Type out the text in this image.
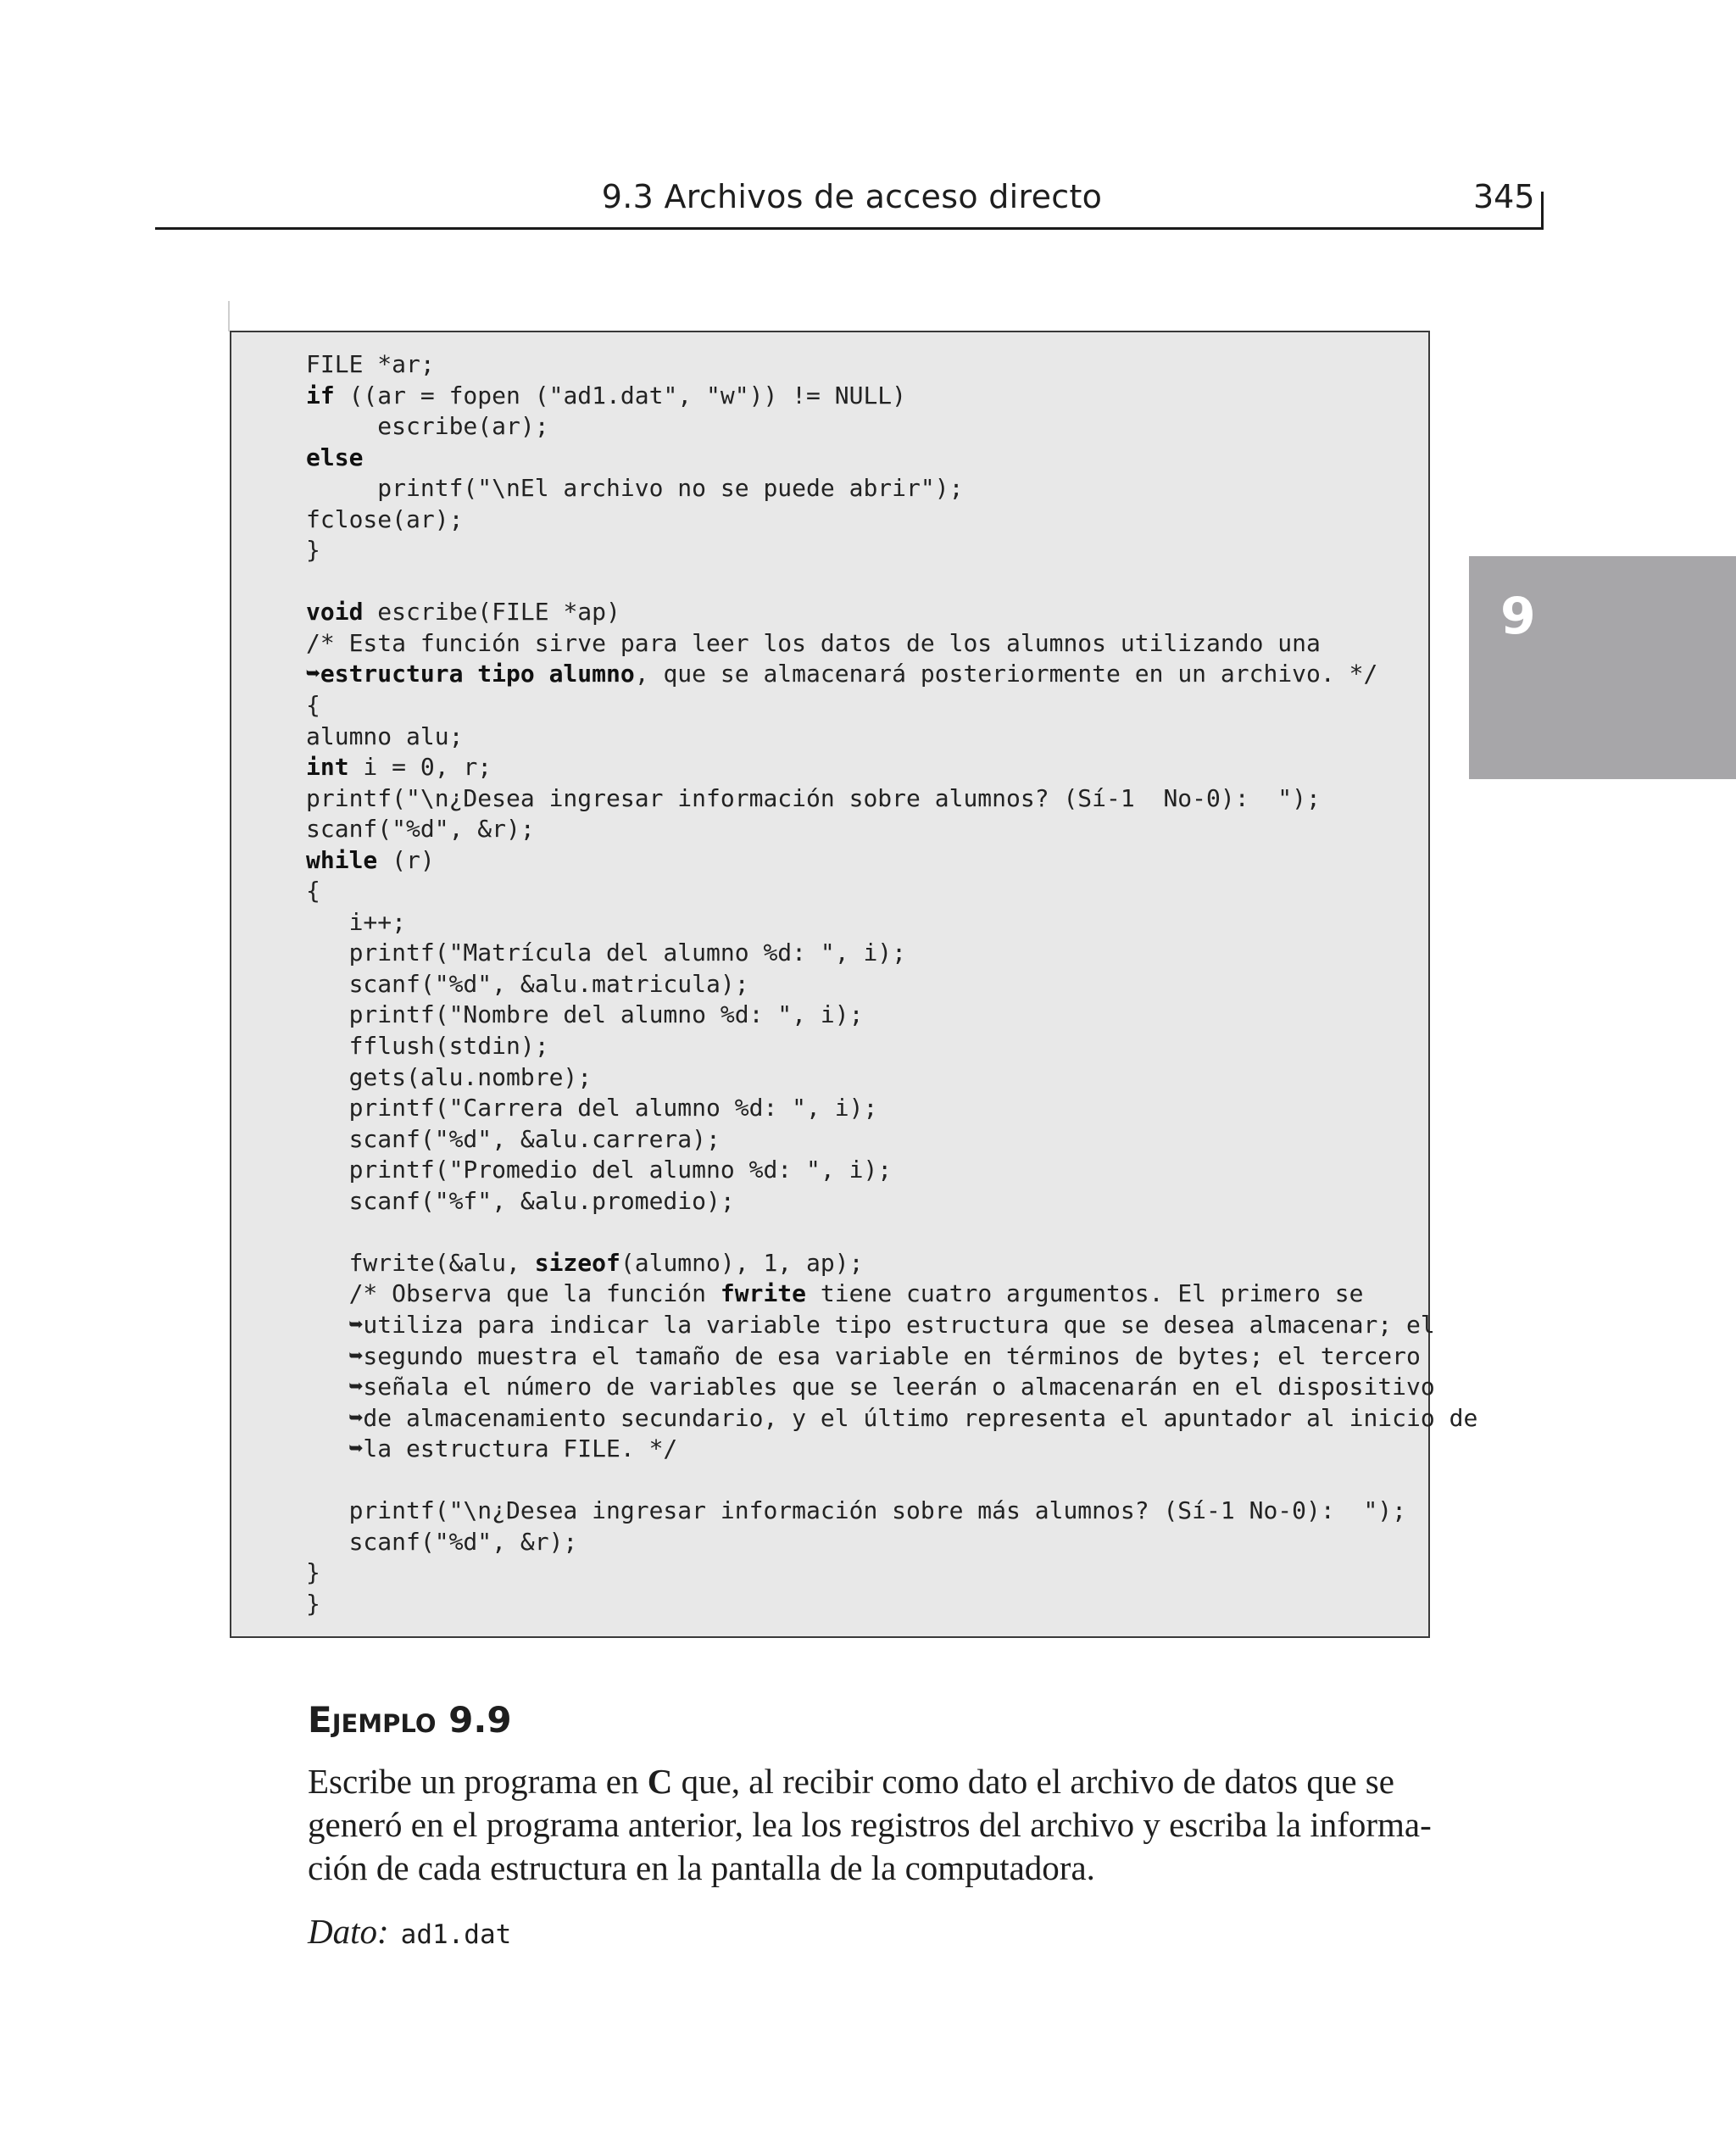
9.3 Archivos de acceso directo	345
9
FILE *ar;
if ((ar = fopen ("ad1.dat", "w")) != NULL)
escribe(ar);
else
printf("\nEl archivo no se puede abrir");
fclose(ar);
}
void escribe(FILE *ap)
/* Esta función sirve para leer los datos de los alumnos utilizando una
➥estructura tipo alumno, que se almacenará posteriormente en un archivo. */
{
alumno alu;
int i = 0, r;
printf("\n¿Desea ingresar información sobre alumnos? (Sí-1  No-0):  ");
scanf("%d", &r);
while (r)
{
i++;
printf("Matrícula del alumno %d: ", i);
scanf("%d", &alu.matricula);
printf("Nombre del alumno %d: ", i);
fflush(stdin);
gets(alu.nombre);
printf("Carrera del alumno %d: ", i);
scanf("%d", &alu.carrera);
printf("Promedio del alumno %d: ", i);
scanf("%f", &alu.promedio);
fwrite(&alu, sizeof(alumno), 1, ap);
/* Observa que la función fwrite tiene cuatro argumentos. El primero se
➥utiliza para indicar la variable tipo estructura que se desea almacenar; el
➥segundo muestra el tamaño de esa variable en términos de bytes; el tercero
➥señala el número de variables que se leerán o almacenarán en el dispositivo
➥de almacenamiento secundario, y el último representa el apuntador al inicio de
➥la estructura FILE. */
printf("\n¿Desea ingresar información sobre más alumnos? (Sí-1 No-0):  ");
scanf("%d", &r);
}
}
Ejemplo 9.9
Escribe un programa en C que, al recibir como dato el archivo de datos que se
generó en el programa anterior, lea los registros del archivo y escriba la informa-
ción de cada estructura en la pantalla de la computadora.
Dato: ad1.dat
